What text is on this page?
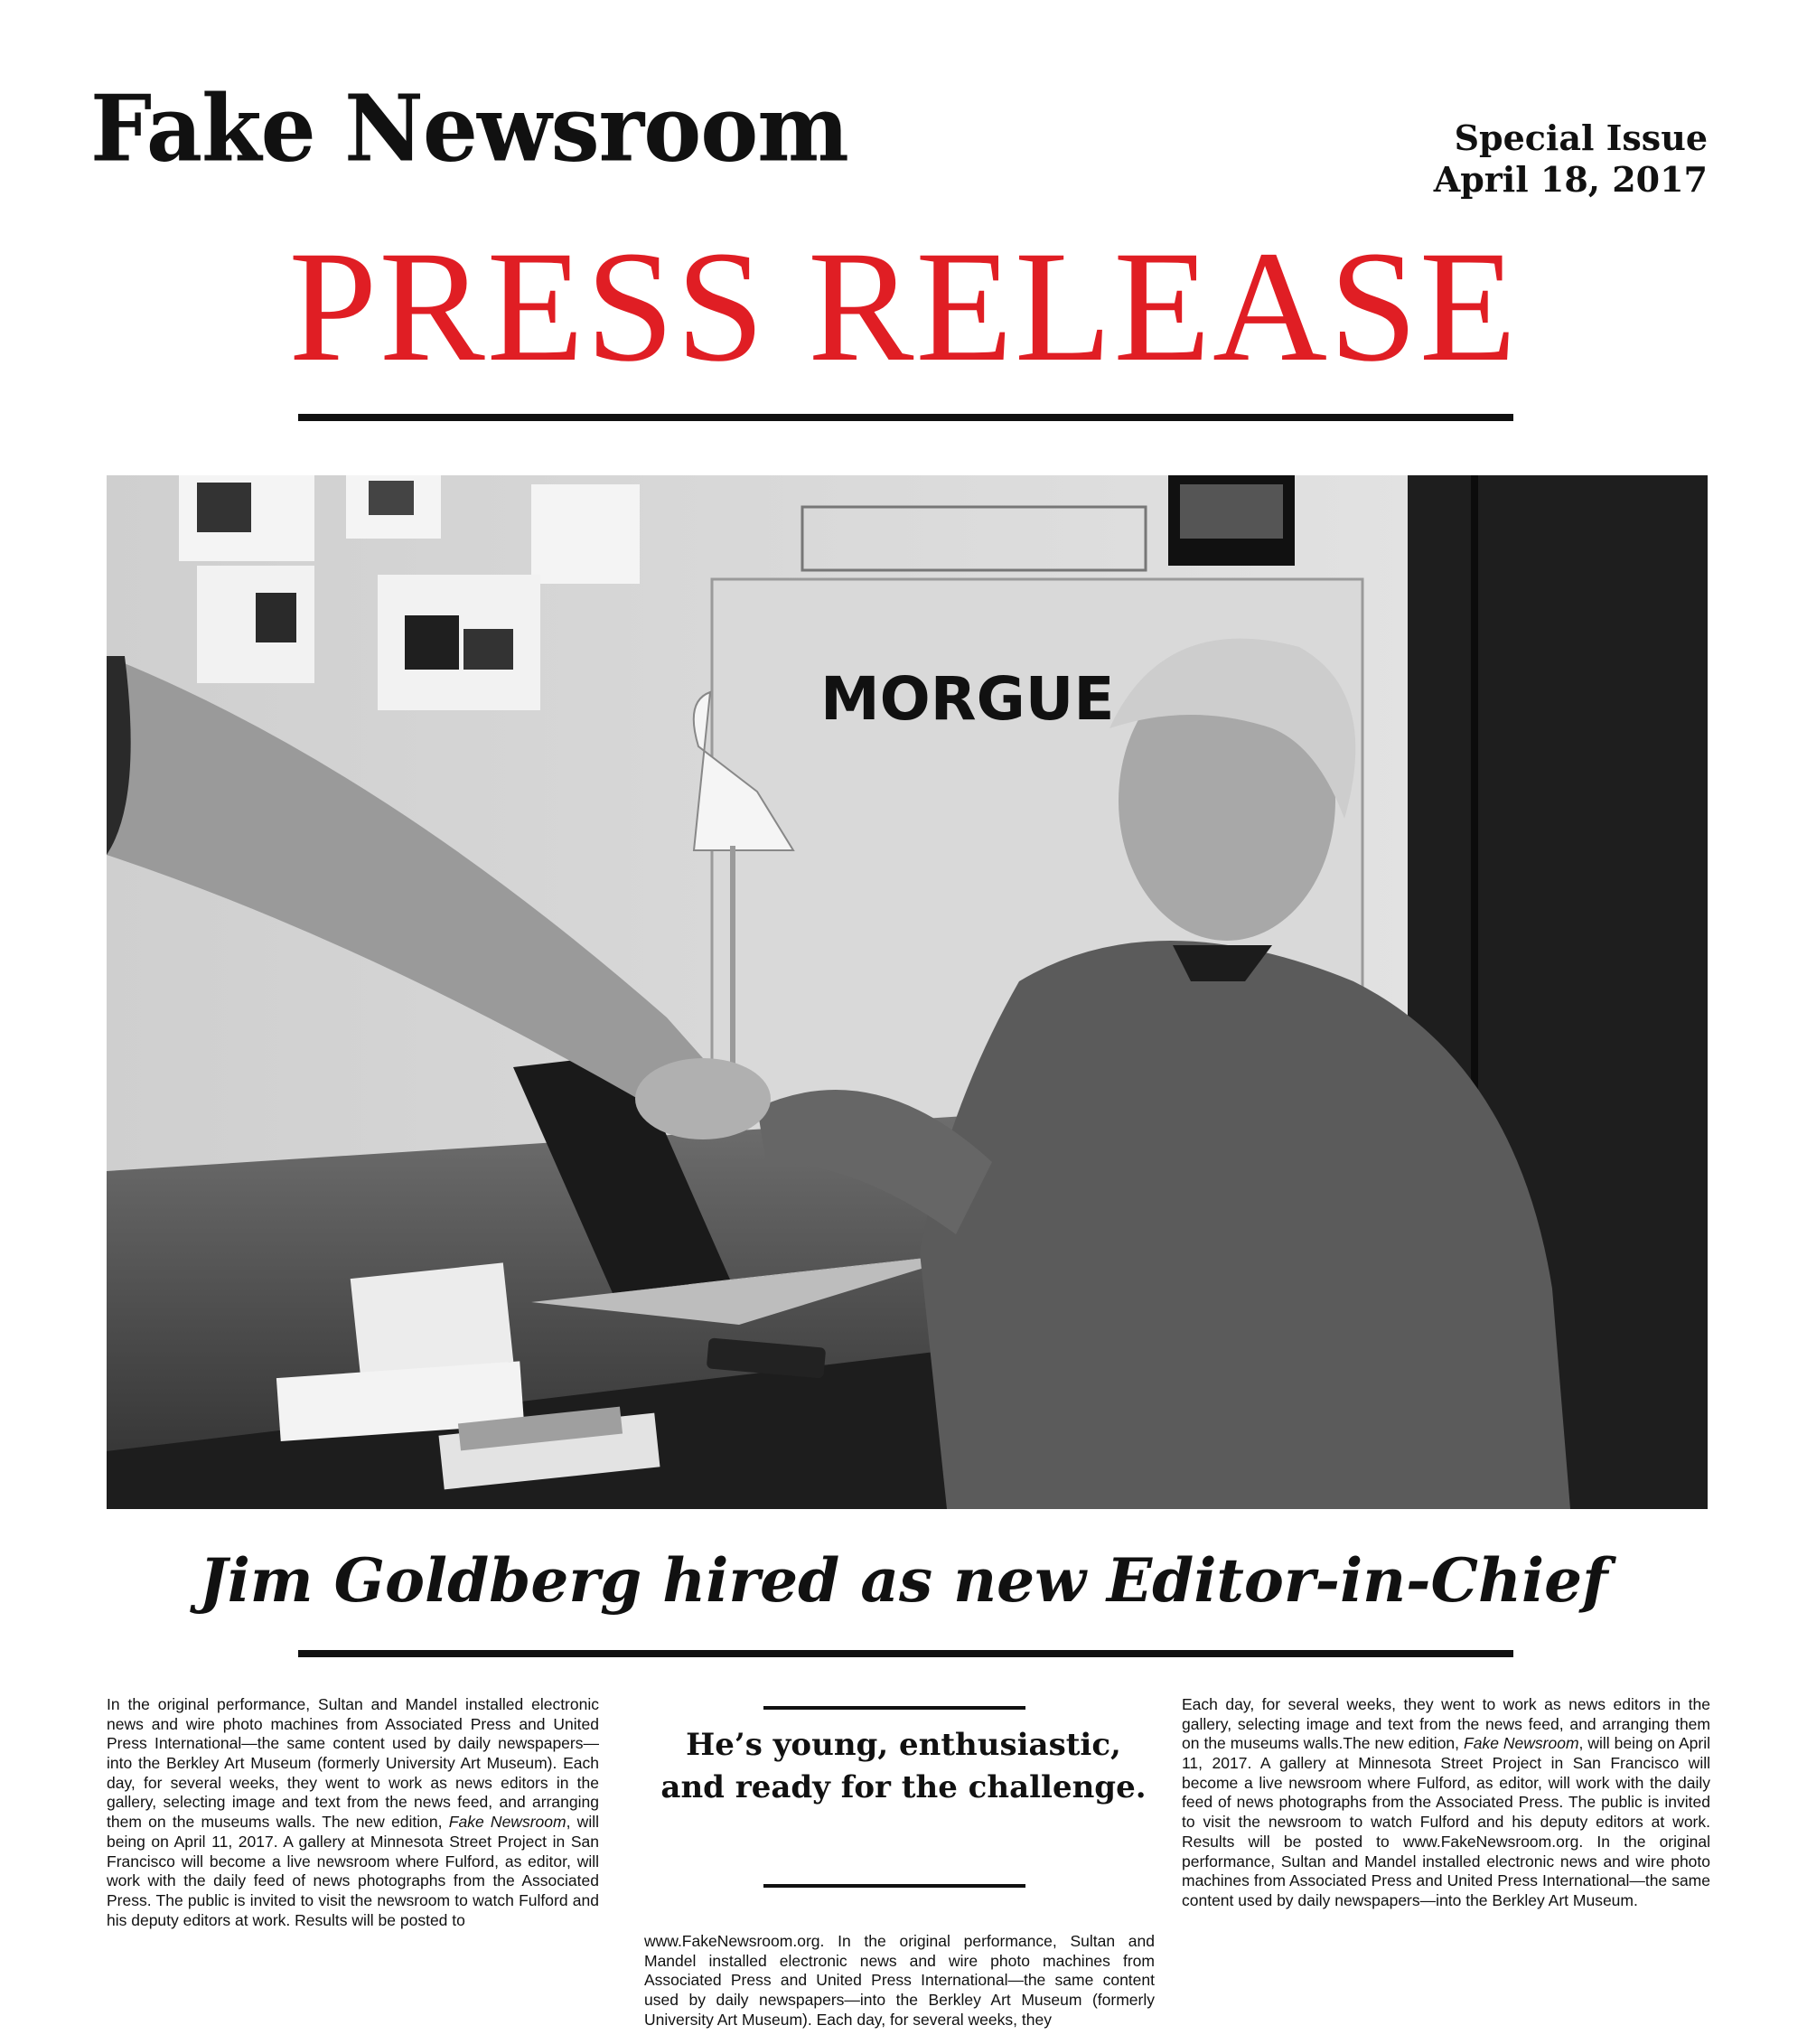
Fake Newsroom	Special Issue
April 18, 2017
PRESS RELEASE
MORGUE
Jim Goldberg hired as new Editor-in-Chief

In the original performance, Sultan and Mandel installed electronic news and wire photo machines from Associated Press and United Press International—the same content used by daily newspapers—into the Berkley Art Museum (formerly University Art Museum). Each day, for several weeks, they went to work as news editors in the gallery, selecting image and text from the news feed, and arranging them on the museums walls. The new edition, Fake Newsroom, will being on April 11, 2017. A gallery at Minnesota Street Project in San Francisco will become a live newsroom where Fulford, as editor, will work with the daily feed of news photographs from the Associated Press. The public is invited to visit the newsroom to watch Fulford and his deputy editors at work. Results will be posted to

He’s young, enthusiastic,
and ready for the challenge.

www.FakeNewsroom.org. In the original performance, Sultan and Mandel installed electronic news and wire photo machines from Associated Press and United Press International—the same content used by daily newspapers—into the Berkley Art Museum (formerly University Art Museum). Each day, for several weeks, they

Each day, for several weeks, they went to work as news editors in the gallery, selecting image and text from the news feed, and arranging them on the museums walls.The new edition, Fake Newsroom, will being on April 11, 2017. A gallery at Minnesota Street Project in San Francisco will become a live newsroom where Fulford, as editor, will work with the daily feed of news photographs from the Associated Press. The public is invited to visit the newsroom to watch Fulford and his deputy editors at work. Results will be posted to www.FakeNewsroom.org. In the original performance, Sultan and Mandel installed electronic news and wire photo machines from Associated Press and United Press International—the same content used by daily newspapers—into the Berkley Art Museum.
